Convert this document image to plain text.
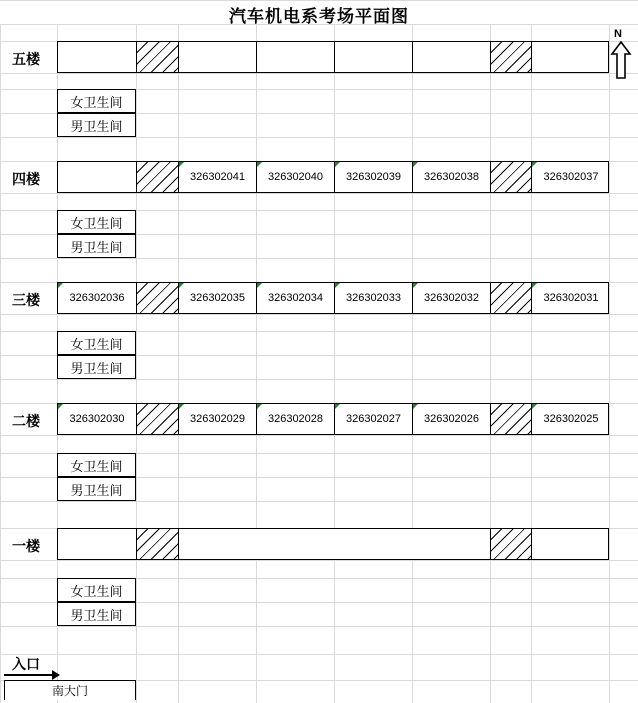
汽车机电系考场平面图
N
五楼
女卫生间
男卫生间
四楼	326302041 326302040 326302039 326302038	326302037
女卫生间
男卫生间
三楼	326302036	326302035 326302034 326302033 326302032	326302031
女卫生间
男卫生间
二楼	326302030	326302029 326302028 326302027 326302026	326302025
女卫生间
男卫生间
一楼
女卫生间
男卫生间
入口
南大门
